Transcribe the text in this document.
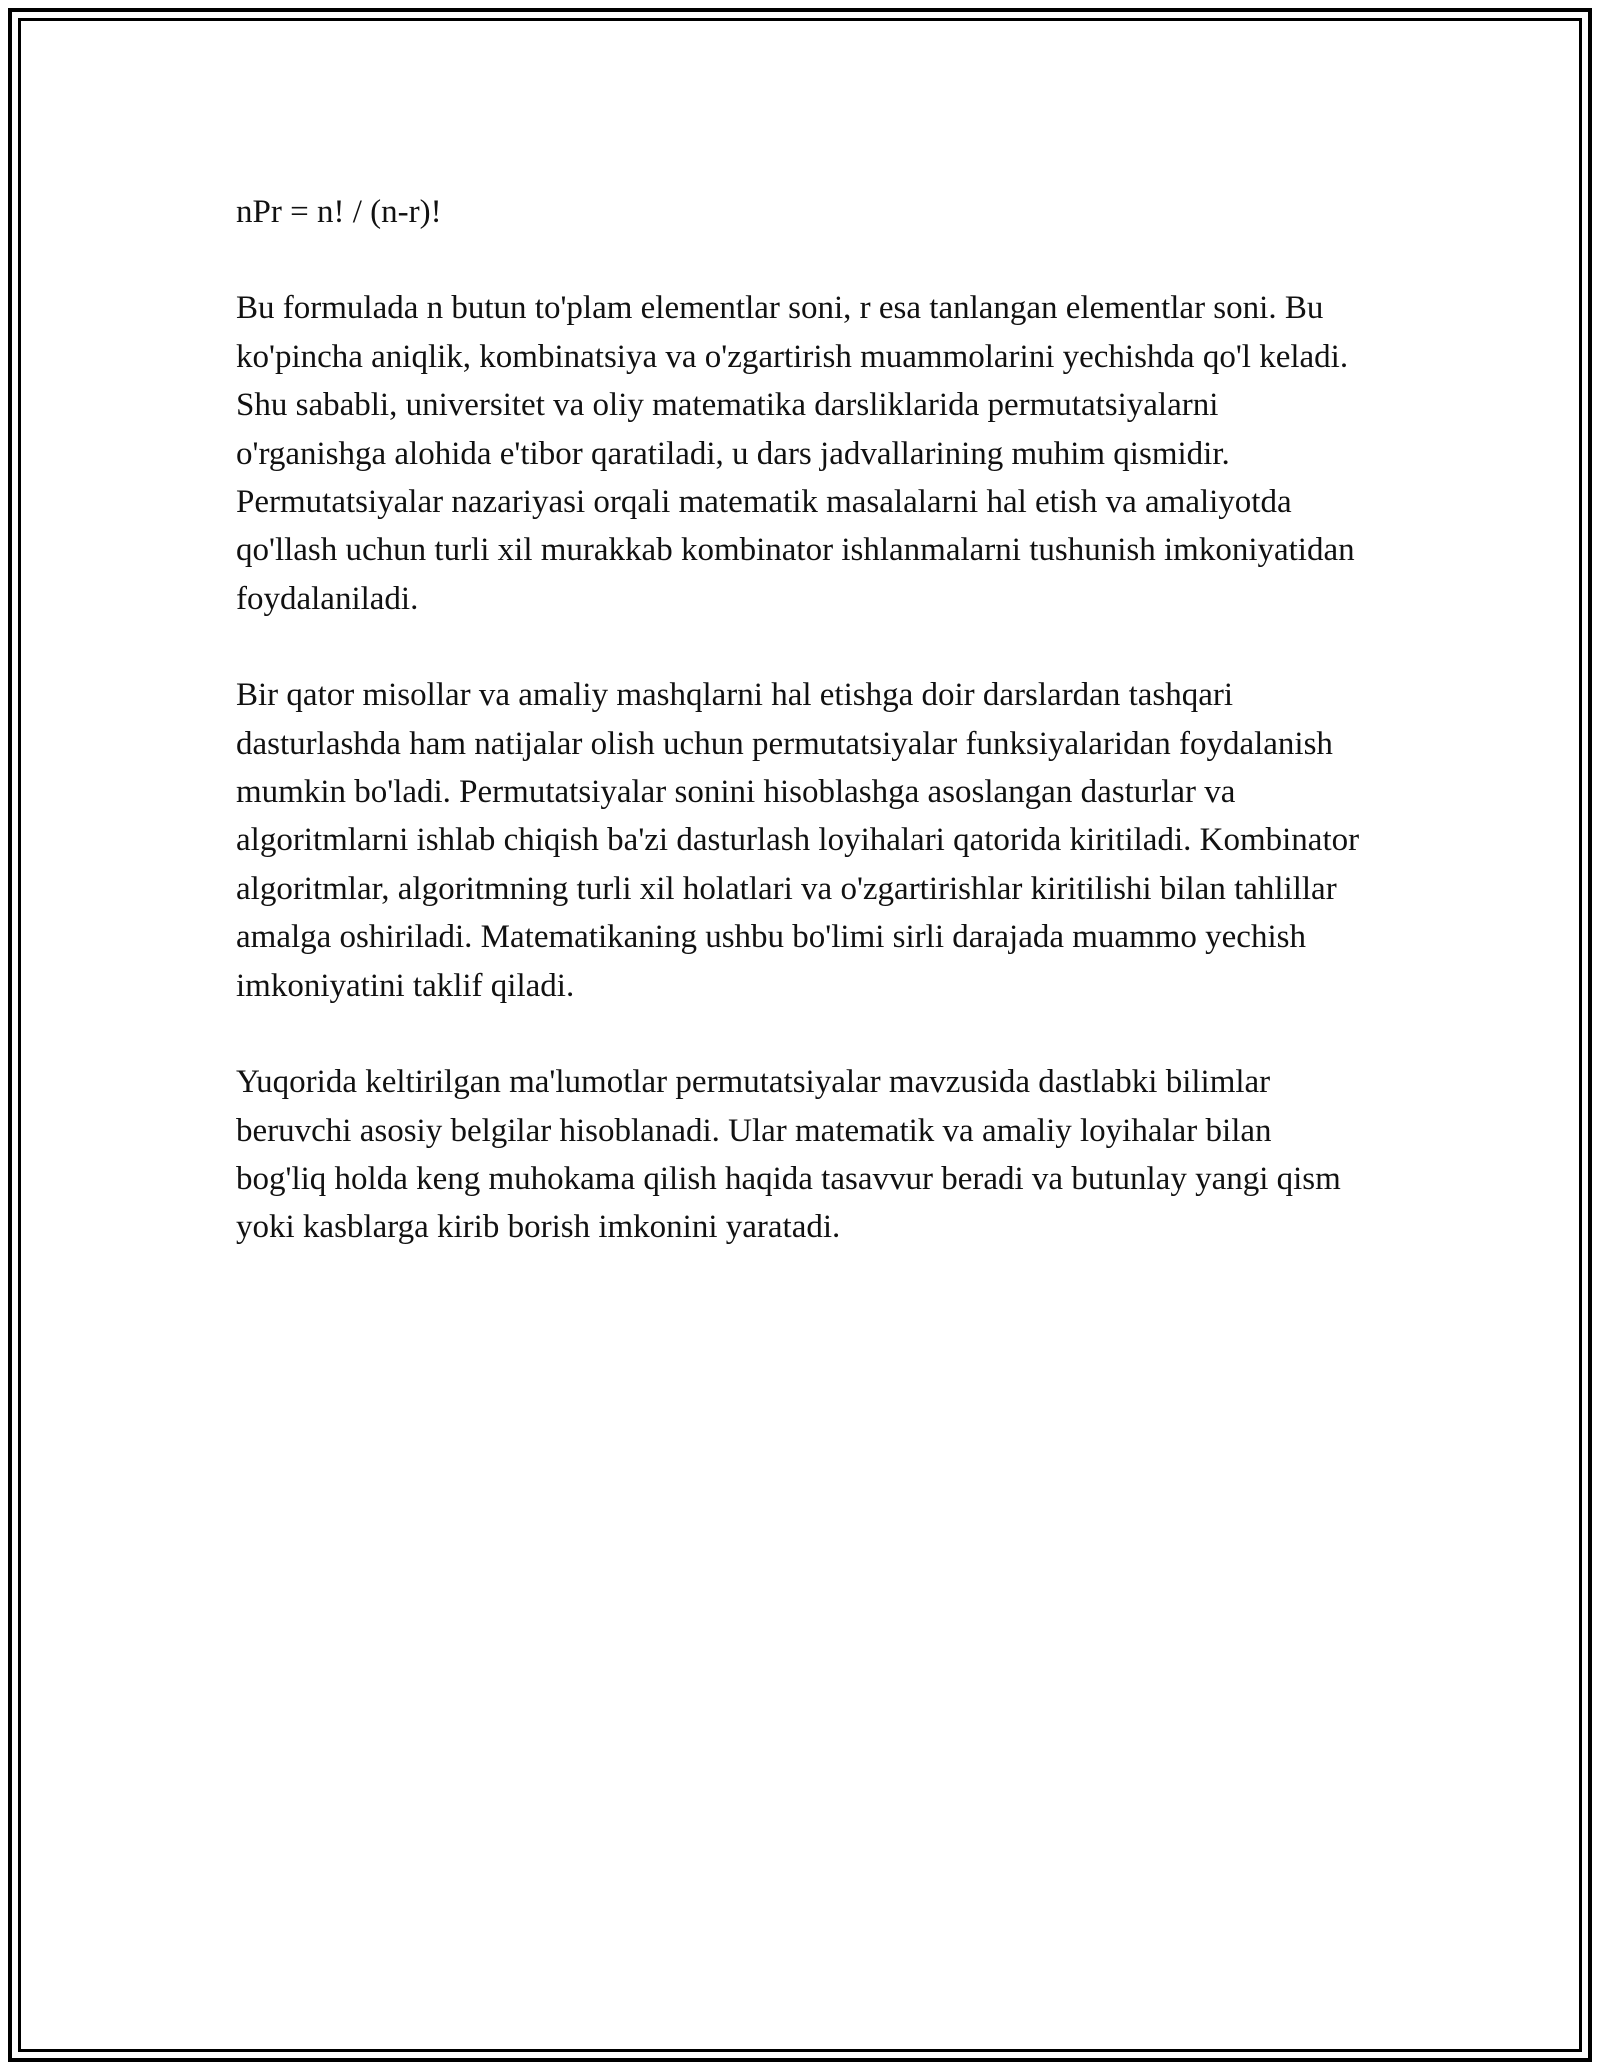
nPr = n! / (n-r)!

Bu formulada n butun to'plam elementlar soni, r esa tanlangan elementlar soni. Bu ko'pincha aniqlik, kombinatsiya va o'zgartirish muammolarini yechishda qo'l keladi. Shu sababli, universitet va oliy matematika darsliklarida permutatsiyalarni o'rganishga alohida e'tibor qaratiladi, u dars jadvallarining muhim qismidir. Permutatsiyalar nazariyasi orqali matematik masalalarni hal etish va amaliyotda qo'llash uchun turli xil murakkab kombinator ishlanmalarni tushunish imkoniyatidan foydalaniladi.

Bir qator misollar va amaliy mashqlarni hal etishga doir darslardan tashqari dasturlashda ham natijalar olish uchun permutatsiyalar funksiyalaridan foydalanish mumkin bo'ladi. Permutatsiyalar sonini hisoblashga asoslangan dasturlar va algoritmlarni ishlab chiqish ba'zi dasturlash loyihalari qatorida kiritiladi. Kombinator algoritmlar, algoritmning turli xil holatlari va o'zgartirishlar kiritilishi bilan tahlillar amalga oshiriladi. Matematikaning ushbu bo'limi sirli darajada muammo yechish imkoniyatini taklif qiladi.

Yuqorida keltirilgan ma'lumotlar permutatsiyalar mavzusida dastlabki bilimlar beruvchi asosiy belgilar hisoblanadi. Ular matematik va amaliy loyihalar bilan bog'liq holda keng muhokama qilish haqida tasavvur beradi va butunlay yangi qism yoki kasblarga kirib borish imkonini yaratadi.
